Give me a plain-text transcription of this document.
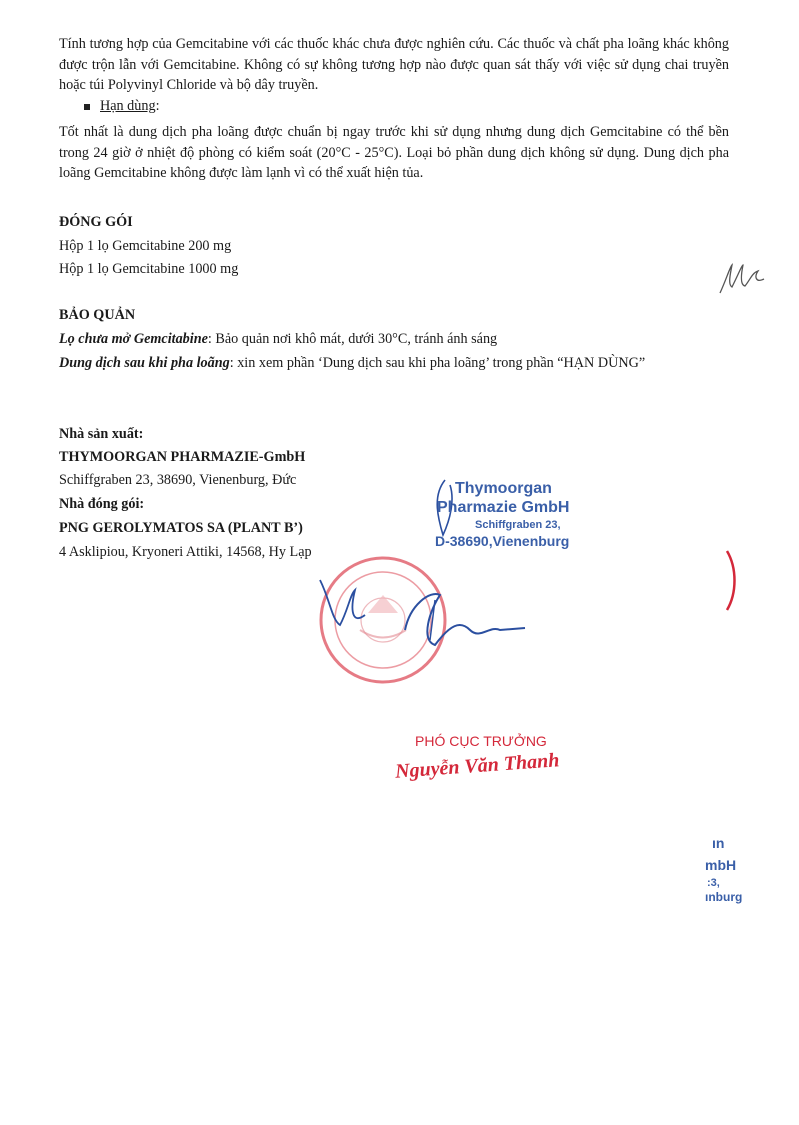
Tính tương hợp của Gemcitabine với các thuốc khác chưa được nghiên cứu. Các thuốc và chất pha loãng khác không được trộn lẫn với Gemcitabine. Không có sự không tương hợp nào được quan sát thấy với việc sử dụng chai truyền hoặc túi Polyvinyl Chloride và bộ dây truyền.
Hạn dùng:
Tốt nhất là dung dịch pha loãng được chuẩn bị ngay trước khi sử dụng nhưng dung dịch Gemcitabine có thể bền trong 24 giờ ở nhiệt độ phòng có kiểm soát (20°C - 25°C). Loại bỏ phần dung dịch không sử dụng. Dung dịch pha loãng Gemcitabine không được làm lạnh vì có thể xuất hiện tủa.
ĐÓNG GÓI
Hộp 1 lọ Gemcitabine 200 mg
Hộp 1 lọ Gemcitabine 1000 mg
BẢO QUẢN
Lọ chưa mở Gemcitabine: Bảo quản nơi khô mát, dưới 30°C, tránh ánh sáng
Dung dịch sau khi pha loãng: xin xem phần ‘Dung dịch sau khi pha loãng’ trong phần “HẠN DÙNG”
Nhà sản xuất:
THYMOORGAN PHARMAZIE-GmbH
Schiffgraben 23, 38690, Vienenburg, Đức
Nhà đóng gói:
PNG GEROLYMATOS SA (PLANT B’)
4 Asklipiou, Kryoneri Attiki, 14568, Hy Lạp
Thymoorgan
Pharmazie GmbH
Schiffgraben 23,
D-38690,Vienenburg
PHÓ CỤC TRƯỞNG
Nguyễn Văn Thanh
ın
mbH
:3,
ınburg
